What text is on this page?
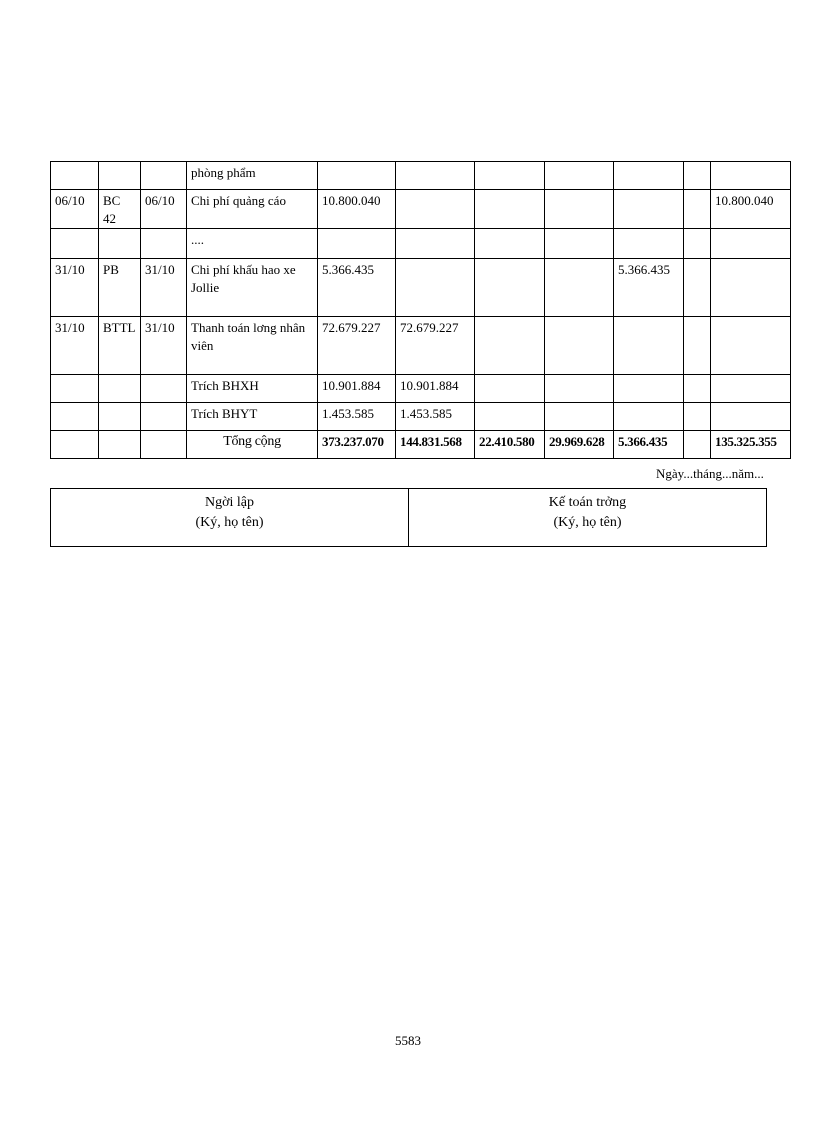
			phòng phẩm							
06/10	BC 42	06/10	Chi phí quảng cáo	10.800.040						10.800.040
			....							
31/10	PB	31/10	Chi phí khấu hao xe Jollie	5.366.435				5.366.435		
31/10	BTTL	31/10	Thanh toán lơng nhân viên	72.679.227	72.679.227					
			Trích BHXH	10.901.884	10.901.884					
			Trích BHYT	1.453.585	1.453.585					
			Tổng cộng	373.237.070	144.831.568	22.410.580	29.969.628	5.366.435		135.325.355
Ngày...tháng...năm...
Ngời lập
(Ký, họ tên)
Kế toán trởng
(Ký, họ tên)
5583
